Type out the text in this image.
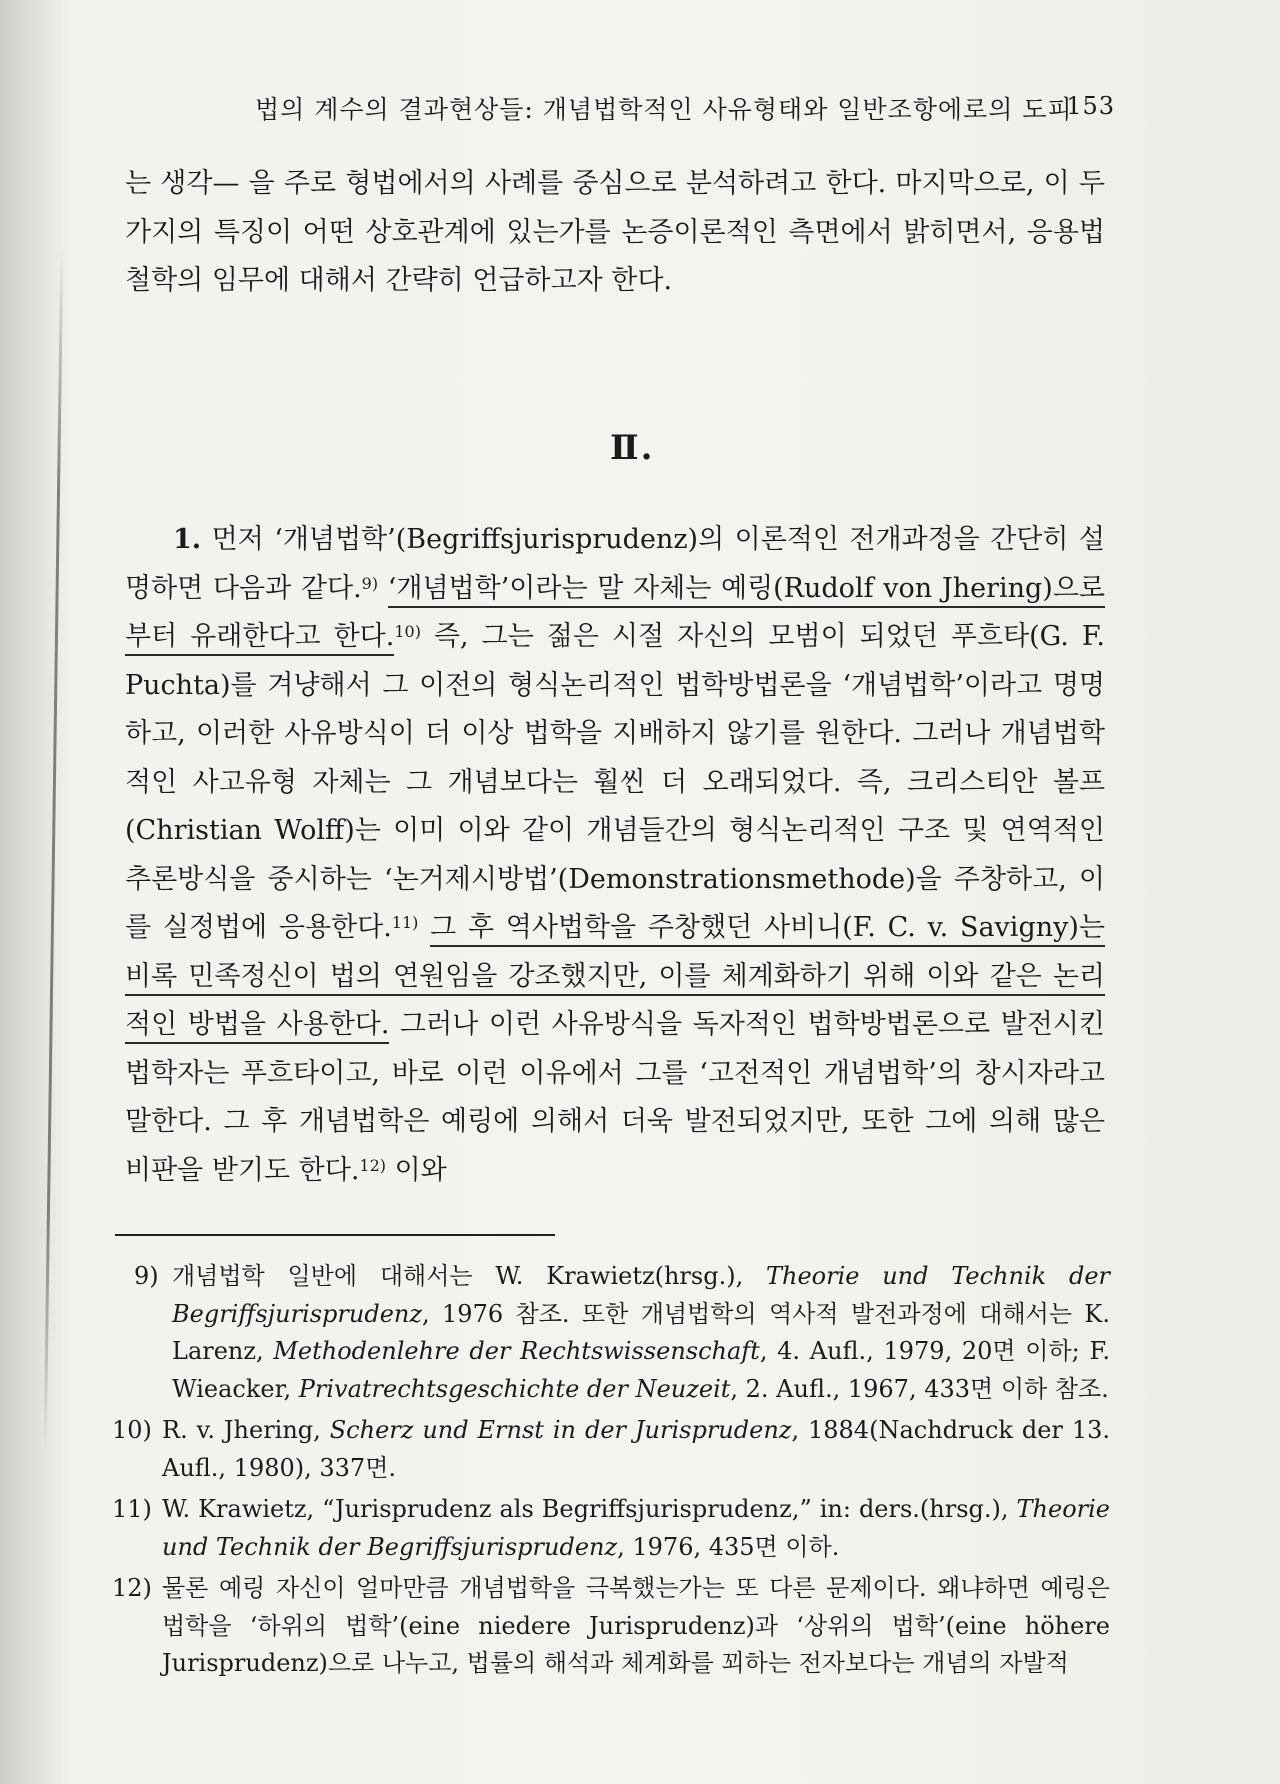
법의 계수의 결과현상들: 개념법학적인 사유형태와 일반조항에로의 도피
153
는 생각— 을 주로 형법에서의 사례를 중심으로 분석하려고 한다. 마지막으로, 이 두 가지의 특징이 어떤 상호관계에 있는가를 논증이론적인 측면에서 밝히면서, 응용법철학의 임무에 대해서 간략히 언급하고자 한다.
Ⅱ.
1. 먼저 ‘개념법학’(Begriffsjurisprudenz)의 이론적인 전개과정을 간단히 설명하면 다음과 같다.$^{9)}$ ‘개념법학’이라는 말 자체는 예링(Rudolf von Jhering)으로부터 유래한다고 한다.$^{10)}$ 즉, 그는 젊은 시절 자신의 모범이 되었던 푸흐타(G. F. Puchta)를 겨냥해서 그 이전의 형식논리적인 법학방법론을 ‘개념법학’이라고 명명하고, 이러한 사유방식이 더 이상 법학을 지배하지 않기를 원한다. 그러나 개념법학적인 사고유형 자체는 그 개념보다는 훨씬 더 오래되었다. 즉, 크리스티안 볼프(Christian Wolff)는 이미 이와 같이 개념들간의 형식논리적인 구조 및 연역적인 추론방식을 중시하는 ‘논거제시방법’(Demonstrationsmethode)을 주창하고, 이를 실정법에 응용한다.$^{11)}$ 그 후 역사법학을 주창했던 사비니(F. C. v. Savigny)는 비록 민족정신이 법의 연원임을 강조했지만, 이를 체계화하기 위해 이와 같은 논리적인 방법을 사용한다. 그러나 이런 사유방식을 독자적인 법학방법론으로 발전시킨 법학자는 푸흐타이고, 바로 이런 이유에서 그를 ‘고전적인 개념법학’의 창시자라고 말한다. 그 후 개념법학은 예링에 의해서 더욱 발전되었지만, 또한 그에 의해 많은 비판을 받기도 한다.$^{12)}$ 이와
9) 개념법학 일반에 대해서는 W. Krawietz(hrsg.), Theorie und Technik der Begriffsjurisprudenz, 1976 참조. 또한 개념법학의 역사적 발전과정에 대해서는 K. Larenz, Methodenlehre der Rechtswissenschaft, 4. Aufl., 1979, 20면 이하; F. Wieacker, Privatrechtsgeschichte der Neuzeit, 2. Aufl., 1967, 433면 이하 참조.
10) R. v. Jhering, Scherz und Ernst in der Jurisprudenz, 1884(Nachdruck der 13. Aufl., 1980), 337면.
11) W. Krawietz, “Jurisprudenz als Begriffsjurisprudenz,” in: ders.(hrsg.), Theorie und Technik der Begriffsjurisprudenz, 1976, 435면 이하.
12) 물론 예링 자신이 얼마만큼 개념법학을 극복했는가는 또 다른 문제이다. 왜냐하면 예링은 법학을 ‘하위의 법학’(eine niedere Jurisprudenz)과 ‘상위의 법학’(eine höhere Jurisprudenz)으로 나누고, 법률의 해석과 체계화를 꾀하는 전자보다는 개념의 자발적
